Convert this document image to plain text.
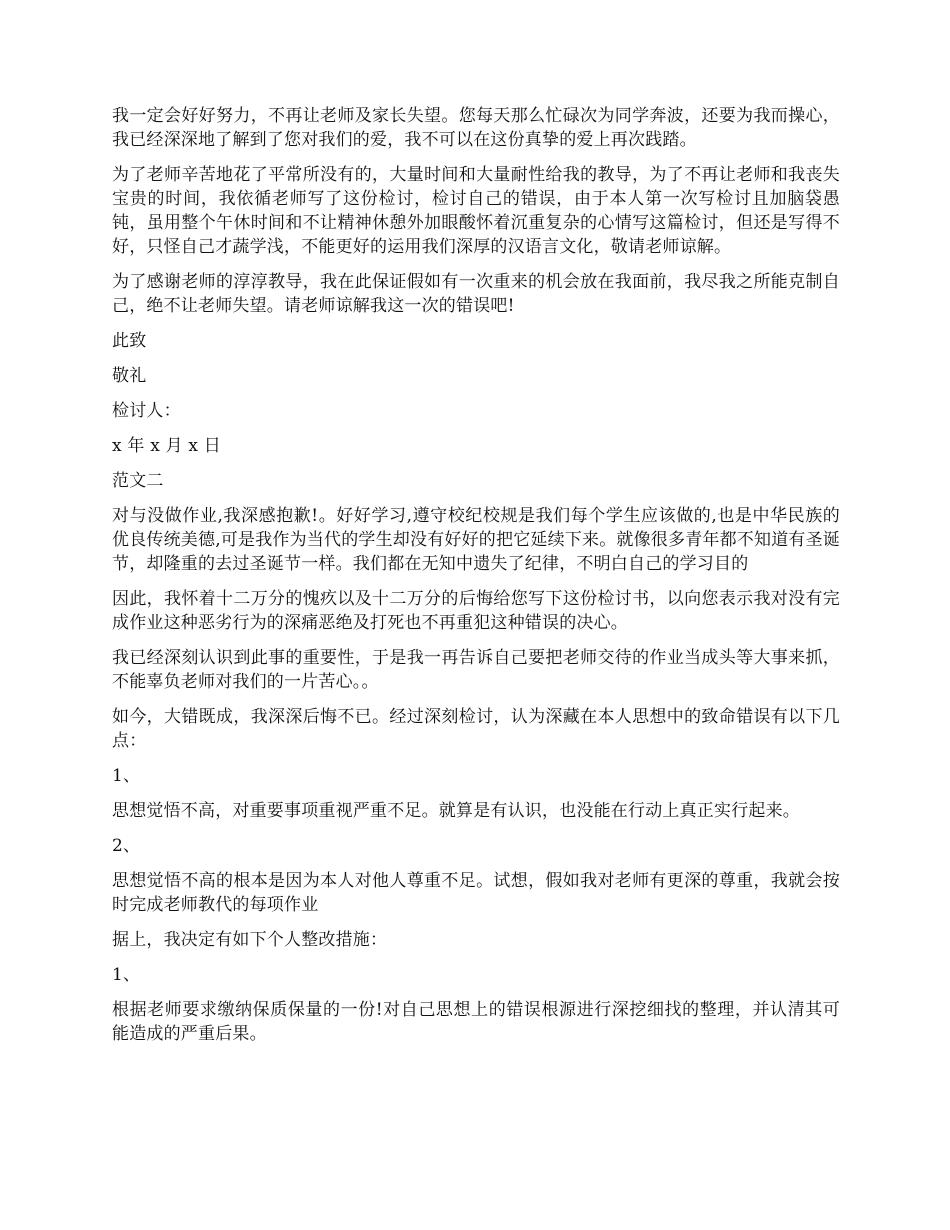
我一定会好好努力，不再让老师及家长失望。您每天那么忙碌次为同学奔波，还要为我而操心，我已经深深地了解到了您对我们的爱，我不可以在这份真挚的爱上再次践踏。

为了老师辛苦地花了平常所没有的，大量时间和大量耐性给我的教导，为了不再让老师和我丧失宝贵的时间，我依循老师写了这份检讨，检讨自己的错误，由于本人第一次写检讨且加脑袋愚钝，虽用整个午休时间和不让精神休憩外加眼酸怀着沉重复杂的心情写这篇检讨，但还是写得不好，只怪自己才蔬学浅，不能更好的运用我们深厚的汉语言文化，敬请老师谅解。

为了感谢老师的淳淳教导，我在此保证假如有一次重来的机会放在我面前，我尽我之所能克制自己，绝不让老师失望。请老师谅解我这一次的错误吧!

此致

敬礼

检讨人：

x 年 x 月 x 日

范文二

对与没做作业,我深感抱歉!。好好学习,遵守校纪校规是我们每个学生应该做的,也是中华民族的优良传统美德,可是我作为当代的学生却没有好好的把它延续下来。就像很多青年都不知道有圣诞节，却隆重的去过圣诞节一样。我们都在无知中遗失了纪律，不明白自己的学习目的

因此，我怀着十二万分的愧疚以及十二万分的后悔给您写下这份检讨书，以向您表示我对没有完成作业这种恶劣行为的深痛恶绝及打死也不再重犯这种错误的决心。

我已经深刻认识到此事的重要性，于是我一再告诉自己要把老师交待的作业当成头等大事来抓，不能辜负老师对我们的一片苦心。。

如今，大错既成，我深深后悔不已。经过深刻检讨，认为深藏在本人思想中的致命错误有以下几点：

1、

思想觉悟不高，对重要事项重视严重不足。就算是有认识，也没能在行动上真正实行起来。

2、

思想觉悟不高的根本是因为本人对他人尊重不足。试想，假如我对老师有更深的尊重，我就会按时完成老师教代的每项作业

据上，我决定有如下个人整改措施：

1、

根据老师要求缴纳保质保量的一份!对自己思想上的错误根源进行深挖细找的整理，并认清其可能造成的严重后果。
